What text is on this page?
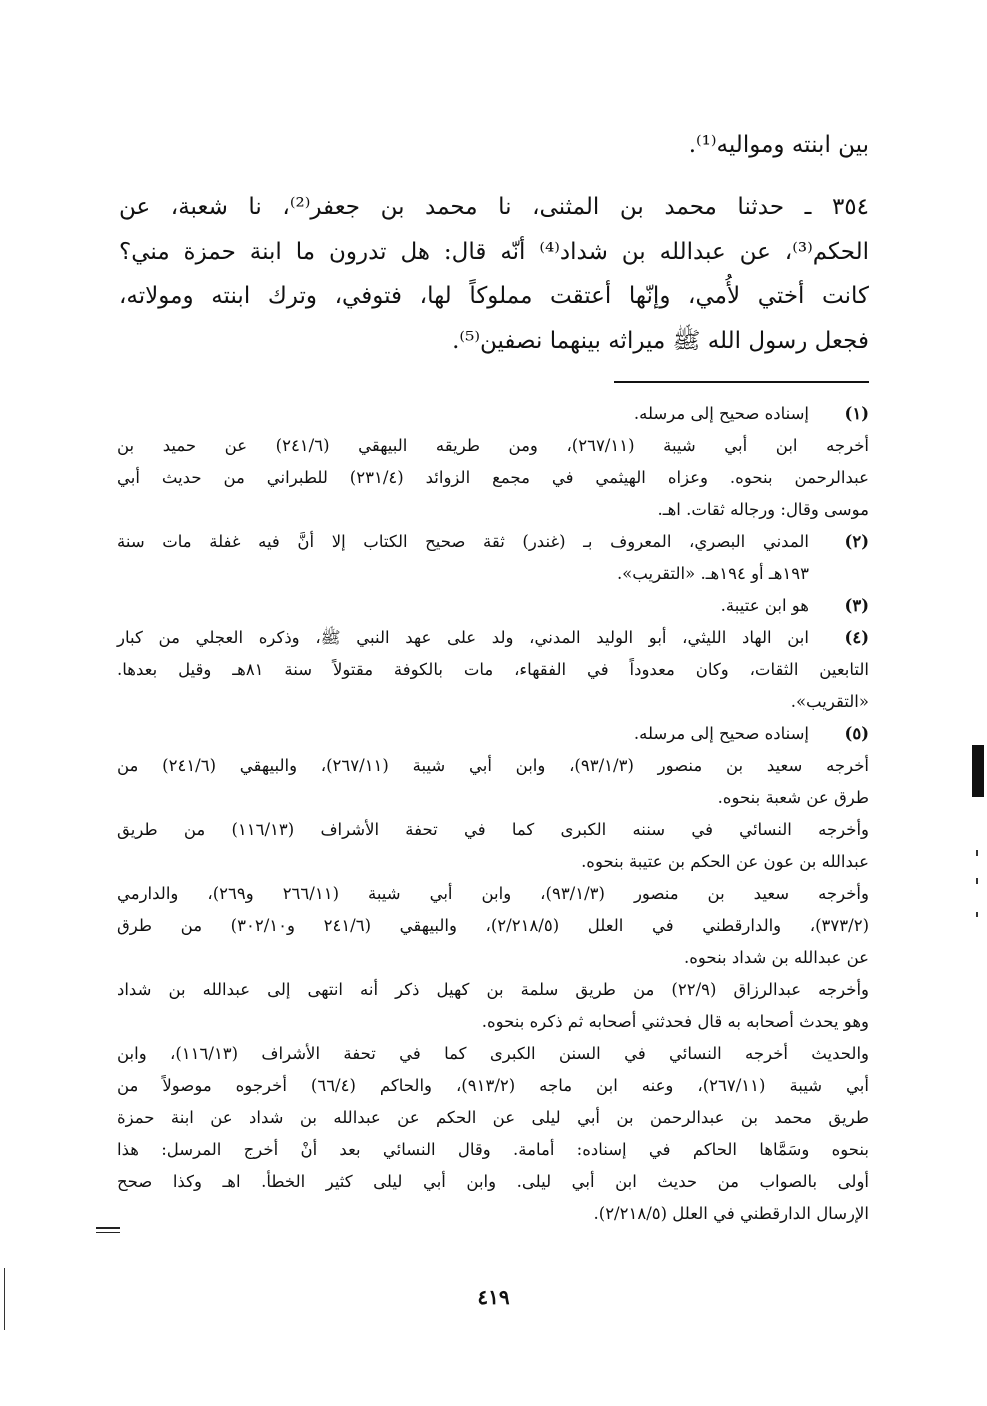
بين ابنته ومواليه⁽¹⁾.
٣٥٤ ـ حدثنا محمد بن المثنى، نا محمد بن جعفر⁽²⁾، نا شعبة، عن
الحكم⁽³⁾، عن عبدالله بن شداد⁽⁴⁾ أنّه قال: هل تدرون ما ابنة حمزة مني؟
كانت أختي لأُمي، وإنّها أعتقت مملوكاً لها، فتوفي، وترك ابنته ومولاته،
فجعل رسول الله ﷺ ميراثه بينهما نصفين⁽⁵⁾.
(١)
إسناده صحيح إلى مرسله.
أخرجه ابن أبي شيبة (٢٦٧/١١)، ومن طريقه البيهقي (٢٤١/٦) عن حميد بن
عبدالرحمن بنحوه. وعزاه الهيثمي في مجمع الزوائد (٢٣١/٤) للطبراني من حديث أبي
موسى وقال: ورجاله ثقات. اهـ.
(٢)
المدني البصري، المعروف بـ (غندر) ثقة صحيح الكتاب إلا أنَّ فيه غفلة مات سنة
١٩٣هـ أو ١٩٤هـ. «التقريب».
(٣)
هو ابن عتيبة.
(٤)
ابن الهاد الليثي، أبو الوليد المدني، ولد على عهد النبي ﷺ، وذكره العجلي من كبار
التابعين الثقات، وكان معدوداً في الفقهاء، مات بالكوفة مقتولاً سنة ٨١هـ وقيل بعدها.
«التقريب».
(٥)
إسناده صحيح إلى مرسله.
أخرجه سعيد بن منصور (٩٣/١/٣)، وابن أبي شيبة (٢٦٧/١١)، والبيهقي (٢٤١/٦) من
طرق عن شعبة بنحوه.
وأخرجه النسائي في سننه الكبرى كما في تحفة الأشراف (١١٦/١٣) من طريق
عبدالله بن عون عن الحكم بن عتيبة بنحوه.
وأخرجه سعيد بن منصور (٩٣/١/٣)، وابن أبي شيبة (٢٦٦/١١ و٢٦٩)، والدارمي
(٣٧٣/٢)، والدارقطني في العلل (٢/٢١٨/٥)، والبيهقي (٢٤١/٦ و٣٠٢/١٠) من طرق
عن عبدالله بن شداد بنحوه.
وأخرجه عبدالرزاق (٢٢/٩) من طريق سلمة بن كهيل ذكر أنه انتهى إلى عبدالله بن شداد
وهو يحدث أصحابه به قال فحدثني أصحابه ثم ذكره بنحوه.
والحديث أخرجه النسائي في السنن الكبرى كما في تحفة الأشراف (١١٦/١٣)، وابن
أبي شيبة (٢٦٧/١١)، وعنه ابن ماجه (٩١٣/٢)، والحاكم (٦٦/٤) أخرجوه موصولاً من
طريق محمد بن عبدالرحمن بن أبي ليلى عن الحكم عن عبدالله بن شداد عن ابنة حمزة
بنحوه وسَمَّاها الحاكم في إسناده: أمامة. وقال النسائي بعد أنْ أخرج المرسل: هذا
أولى بالصواب من حديث ابن أبي ليلى. وابن أبي ليلى كثير الخطأ. اهـ وكذا صحح
الإرسال الدارقطني في العلل (٢/٢١٨/٥).
٤١٩
